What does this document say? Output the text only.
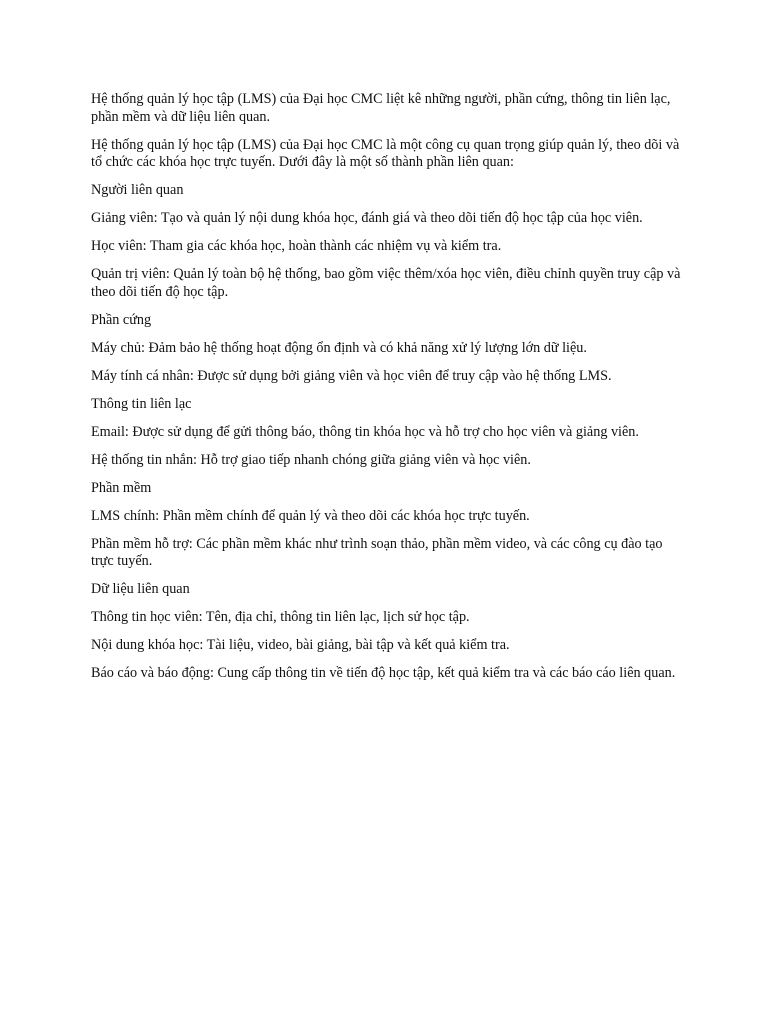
Hệ thống quản lý học tập (LMS) của Đại học CMC liệt kê những người, phần cứng, thông tin liên lạc, phần mềm và dữ liệu liên quan.

Hệ thống quản lý học tập (LMS) của Đại học CMC là một công cụ quan trọng giúp quản lý, theo dõi và tổ chức các khóa học trực tuyến. Dưới đây là một số thành phần liên quan:

Người liên quan

Giảng viên: Tạo và quản lý nội dung khóa học, đánh giá và theo dõi tiến độ học tập của học viên.

Học viên: Tham gia các khóa học, hoàn thành các nhiệm vụ và kiểm tra.

Quản trị viên: Quản lý toàn bộ hệ thống, bao gồm việc thêm/xóa học viên, điều chỉnh quyền truy cập và theo dõi tiến độ học tập.

Phần cứng

Máy chủ: Đảm bảo hệ thống hoạt động ổn định và có khả năng xử lý lượng lớn dữ liệu.

Máy tính cá nhân: Được sử dụng bởi giảng viên và học viên để truy cập vào hệ thống LMS.

Thông tin liên lạc

Email: Được sử dụng để gửi thông báo, thông tin khóa học và hỗ trợ cho học viên và giảng viên.

Hệ thống tin nhắn: Hỗ trợ giao tiếp nhanh chóng giữa giảng viên và học viên.

Phần mềm

LMS chính: Phần mềm chính để quản lý và theo dõi các khóa học trực tuyến.

Phần mềm hỗ trợ: Các phần mềm khác như trình soạn thảo, phần mềm video, và các công cụ đào tạo trực tuyến.

Dữ liệu liên quan

Thông tin học viên: Tên, địa chỉ, thông tin liên lạc, lịch sử học tập.

Nội dung khóa học: Tài liệu, video, bài giảng, bài tập và kết quả kiểm tra.

Báo cáo và báo động: Cung cấp thông tin về tiến độ học tập, kết quả kiểm tra và các báo cáo liên quan.
